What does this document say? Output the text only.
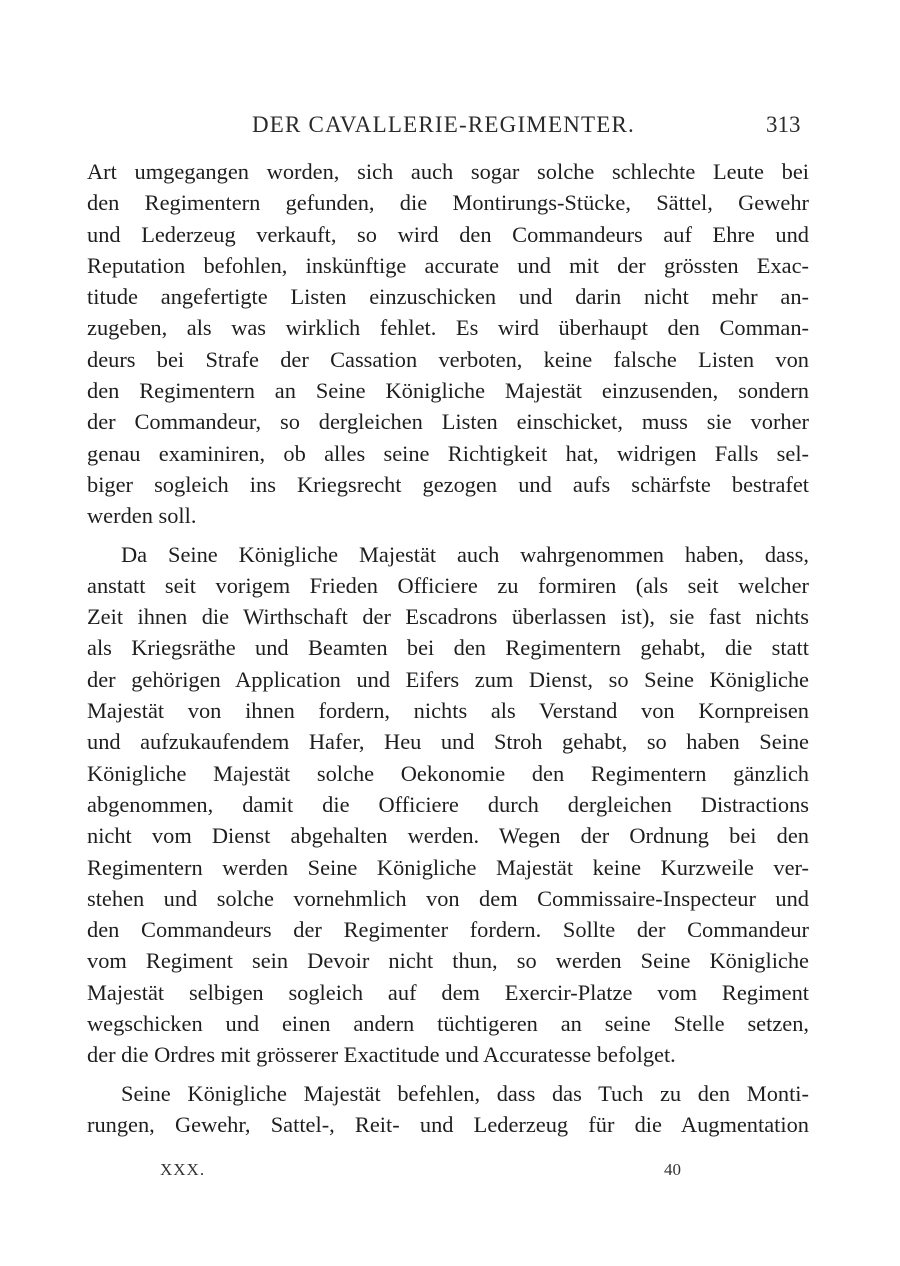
DER CAVALLERIE-REGIMENTER.	313
Art umgegangen worden, sich auch sogar solche schlechte Leute bei
den Regimentern gefunden, die Montirungs-Stücke, Sättel, Gewehr
und Lederzeug verkauft, so wird den Commandeurs auf Ehre und
Reputation befohlen, inskünftige accurate und mit der grössten Exac-
titude angefertigte Listen einzuschicken und darin nicht mehr an-
zugeben, als was wirklich fehlet. Es wird überhaupt den Comman-
deurs bei Strafe der Cassation verboten, keine falsche Listen von
den Regimentern an Seine Königliche Majestät einzusenden, sondern
der Commandeur, so dergleichen Listen einschicket, muss sie vorher
genau examiniren, ob alles seine Richtigkeit hat, widrigen Falls sel-
biger sogleich ins Kriegsrecht gezogen und aufs schärfste bestrafet
werden soll.
Da Seine Königliche Majestät auch wahrgenommen haben, dass,
anstatt seit vorigem Frieden Officiere zu formiren (als seit welcher
Zeit ihnen die Wirthschaft der Escadrons überlassen ist), sie fast nichts
als Kriegsräthe und Beamten bei den Regimentern gehabt, die statt
der gehörigen Application und Eifers zum Dienst, so Seine Königliche
Majestät von ihnen fordern, nichts als Verstand von Kornpreisen
und aufzukaufendem Hafer, Heu und Stroh gehabt, so haben Seine
Königliche Majestät solche Oekonomie den Regimentern gänzlich
abgenommen, damit die Officiere durch dergleichen Distractions
nicht vom Dienst abgehalten werden. Wegen der Ordnung bei den
Regimentern werden Seine Königliche Majestät keine Kurzweile ver-
stehen und solche vornehmlich von dem Commissaire-Inspecteur und
den Commandeurs der Regimenter fordern. Sollte der Commandeur
vom Regiment sein Devoir nicht thun, so werden Seine Königliche
Majestät selbigen sogleich auf dem Exercir-Platze vom Regiment
wegschicken und einen andern tüchtigeren an seine Stelle setzen,
der die Ordres mit grösserer Exactitude und Accuratesse befolget.
Seine Königliche Majestät befehlen, dass das Tuch zu den Monti-
rungen, Gewehr, Sattel-, Reit- und Lederzeug für die Augmentation
XXX.	40
